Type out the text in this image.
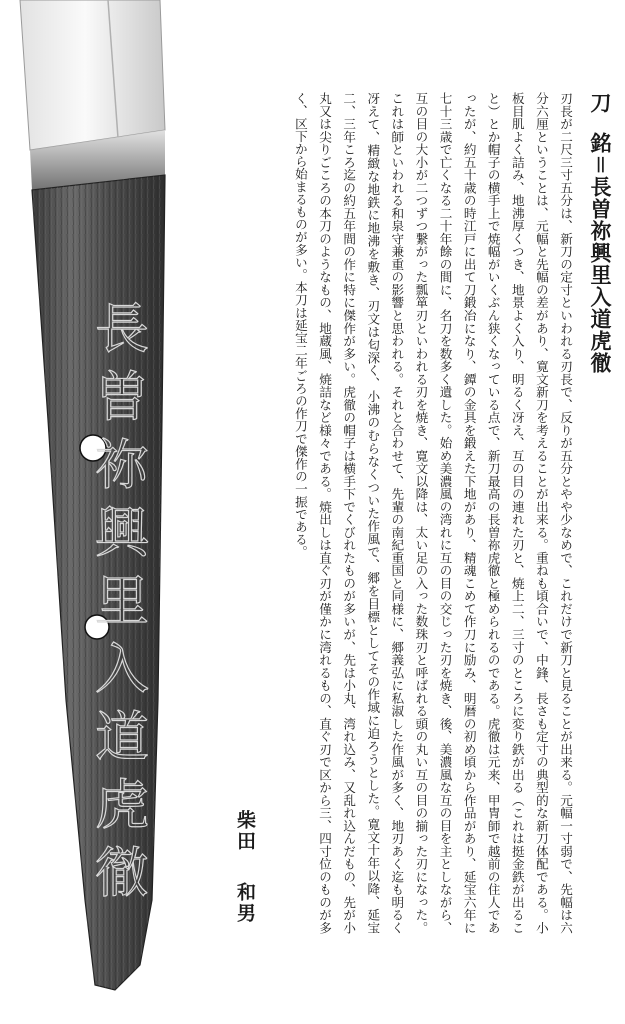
長曽祢興里入道虎徹
刀銘＝長曽祢興里入道虎徹
刃長が二尺三寸五分は、新刀の定寸といわれる刃長で、反りが五分とやや少なめで、これだけで新刀と見ることが出来る。元幅一寸弱で、先幅は六分六厘ということは、元幅と先幅の差があり、寛文新刀を考えることが出来る。重ねも頃合いで、中鋒、長さも定寸の典型的な新刀体配である。小板目肌よく詰み、地沸厚くつき、地景よく入り、明るく冴え、互の目の連れた刃と、焼上二、三寸のところに変り鉄が出る（これは挺金鉄が出ること）とか帽子の横手上で焼幅がいくぶん狭くなっている点で、新刀最高の長曽祢虎徹と極められるのである。虎徹は元来、甲冑師で越前の住人であったが、約五十歳の時江戸に出て刀鍛冶になり、鐔の金具を鍛えた下地があり、精魂こめて作刀に励み、明暦の初め頃から作品があり、延宝六年に七十三歳で亡くなる二十年餘の間に、名刀を数多く遺した。始め美濃風の湾れに互の目の交じった刃を焼き、後、美濃風な互の目を主としながら、互の目の大小が二つずつ繋がった瓢箪刃といわれる刃を焼き、寛文以降は、太い足の入った数珠刃と呼ばれる頭の丸い互の目の揃った刃になった。これは師といわれる和泉守兼重の影響と思われる。それと合わせて、先輩の南紀重国と同様に、郷義弘に私淑した作風が多く、地刃あく迄も明るく冴えて、精緻な地鉄に地沸を敷き、刃文は匂深く、小沸のむらなくついた作風で、郷を目標としてその作域に迫ろうとした。寛文十年以降、延宝二、三年ころ迄の約五年間の作に特に傑作が多い。虎徹の帽子は横手下でくびれたものが多いが、先は小丸、湾れ込み、又乱れ込んだもの、先が小丸又は尖りごころの本刀のようなもの、地蔵風、焼詰など様々である。焼出しは直ぐ刃が僅かに湾れるもの、直ぐ刃で区から三、四寸位のものが多く、区下から始まるものが多い。本刀は延宝二年ごろの作刀で傑作の一振である。
柴田和男
